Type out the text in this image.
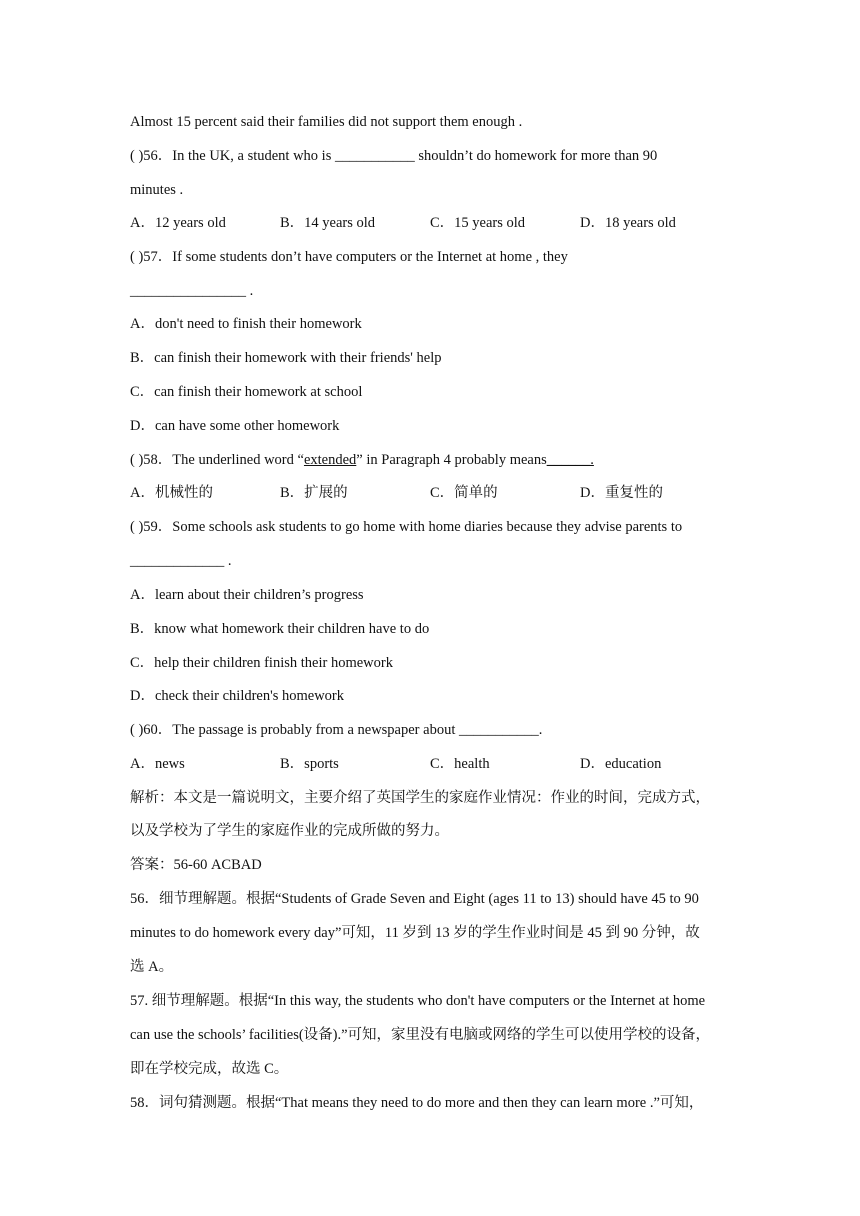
Almost 15 percent said their families did not support them enough .
( )56．In the UK, a student who is ___________ shouldn’t do homework for more than 90
minutes .
A．12 years old	B．14 years old	C．15 years old	D．18 years old
( )57．If some students don’t have computers or the Internet at home , they
________________ .
A．don't need to finish their homework
B．can finish their homework with their friends' help
C．can finish their homework at school
D．can have some other homework
( )58．The underlined word “extended” in Paragraph 4 probably means______.
A．机械性的	B．扩展的	C．简单的	D．重复性的
( )59．Some schools ask students to go home with home diaries because they advise parents to
_____________ .
A．learn about their children’s progress
B．know what homework their children have to do
C．help their children finish their homework
D．check their children's homework
( )60．The passage is probably from a newspaper about ___________.
A．news	B．sports	C．health	D．education
解析：本文是一篇说明文，主要介绍了英国学生的家庭作业情况：作业的时间，完成方式，
以及学校为了学生的家庭作业的完成所做的努力。
答案：56-60 ACBAD
56．细节理解题。根据“Students of Grade Seven and Eight (ages 11 to 13) should have 45 to 90
minutes to do homework every day”可知，11 岁到 13 岁的学生作业时间是 45 到 90 分钟，故
选 A。
57. 细节理解题。根据“In this way, the students who don't have computers or the Internet at home
can use the schools’ facilities(设备).”可知，家里没有电脑或网络的学生可以使用学校的设备，
即在学校完成，故选 C。
58．词句猜测题。根据“That means they need to do more and then they can learn more .”可知，
